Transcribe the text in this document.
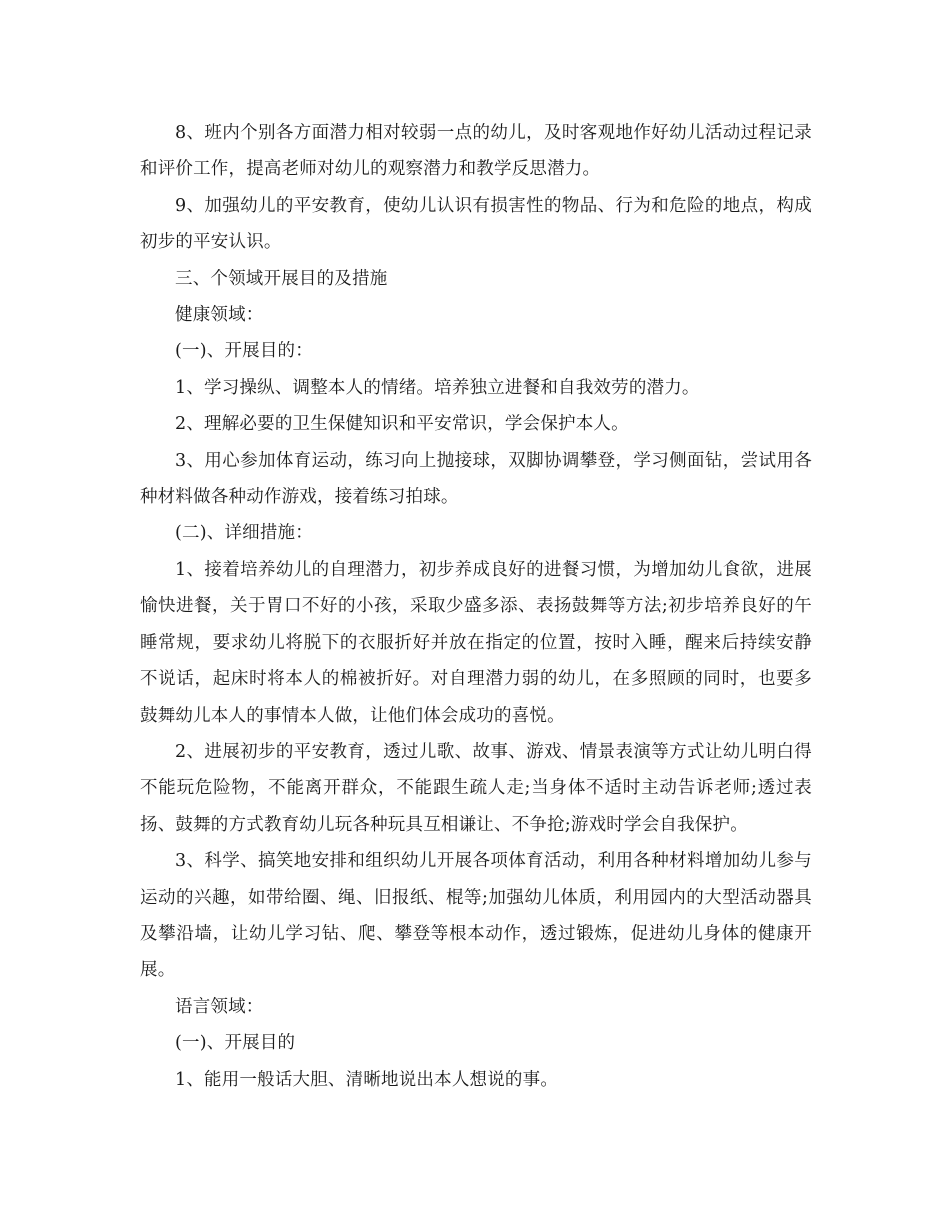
8、班内个别各方面潜力相对较弱一点的幼儿，及时客观地作好幼儿活动过程记录和评价工作，提高老师对幼儿的观察潜力和教学反思潜力。

9、加强幼儿的平安教育，使幼儿认识有损害性的物品、行为和危险的地点，构成初步的平安认识。

三、个领域开展目的及措施

健康领域：

(一)、开展目的：

1、学习操纵、调整本人的情绪。培养独立进餐和自我效劳的潜力。

2、理解必要的卫生保健知识和平安常识，学会保护本人。

3、用心参加体育运动，练习向上抛接球，双脚协调攀登，学习侧面钻，尝试用各种材料做各种动作游戏，接着练习拍球。

(二)、详细措施：

1、接着培养幼儿的自理潜力，初步养成良好的进餐习惯，为增加幼儿食欲，进展愉快进餐，关于胃口不好的小孩，采取少盛多添、表扬鼓舞等方法;初步培养良好的午睡常规，要求幼儿将脱下的衣服折好并放在指定的位置，按时入睡，醒来后持续安静不说话，起床时将本人的棉被折好。对自理潜力弱的幼儿，在多照顾的同时，也要多鼓舞幼儿本人的事情本人做，让他们体会成功的喜悦。

2、进展初步的平安教育，透过儿歌、故事、游戏、情景表演等方式让幼儿明白得不能玩危险物，不能离开群众，不能跟生疏人走;当身体不适时主动告诉老师;透过表扬、鼓舞的方式教育幼儿玩各种玩具互相谦让、不争抢;游戏时学会自我保护。

3、科学、搞笑地安排和组织幼儿开展各项体育活动，利用各种材料增加幼儿参与运动的兴趣，如带给圈、绳、旧报纸、棍等;加强幼儿体质，利用园内的大型活动器具及攀沿墙，让幼儿学习钻、爬、攀登等根本动作，透过锻炼，促进幼儿身体的健康开展。

语言领域：

(一)、开展目的

1、能用一般话大胆、清晰地说出本人想说的事。
